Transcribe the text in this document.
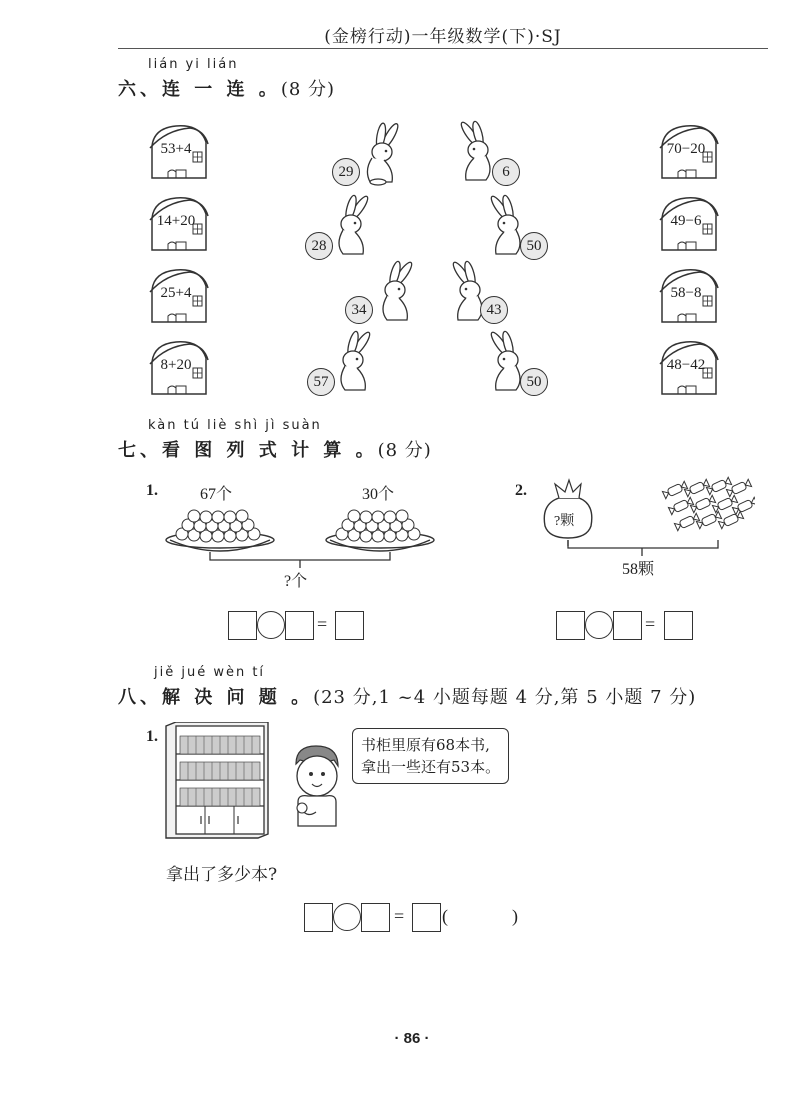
(金榜行动)一年级数学(下)·SJ
lián yi lián
六、连 一 连 。(8 分)
53+4
14+20
25+4
8+20
70−20
49−6
58−8
48−42
29
28
34
57
6
50
43
50
kàn tú liè shì jì suàn
七、看 图 列 式 计 算 。(8 分)
1.	67个	30个
?个
=
2.
?颗
58颗
=
jiě jué wèn tí
八、解 决 问 题 。(23 分,1 ~4 小题每题 4 分,第 5 小题 7 分)
1.	书柜里原有68本书,
拿出一些还有53本。
拿出了多少本?
= (	)
· 86 ·
